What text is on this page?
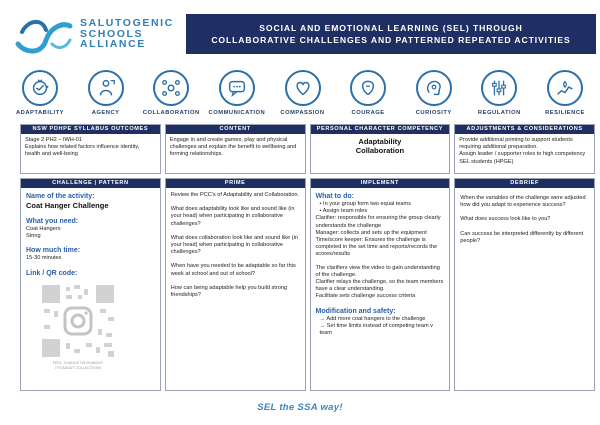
SALUTOGENIC
SCHOOLS
ALLIANCE
SOCIAL AND EMOTIONAL LEARNING (SEL) THROUGH
COLLABORATIVE CHALLENGES AND PATTERNED REPEATED ACTIVITIES
ADAPTABILITY	AGENCY	COLLABORATION COMMUNICATION	COMPASSION	COURAGE	CURIOSITY	REGULATION	RESILIENCE
NSW PDHPE SYLLABUS OUTCOMES
Stage 2 PH2 – IWH-01
Explains how related factors influence identity, health and well-being
CONTENT
Engage in and create games, play and physical challenges and explain the benefit to wellbeing and forming relationships.
PERSONAL CHARACTER COMPETENCY
Adaptability
Collaboration
ADJUSTMENTS & CONSIDERATIONS
Provide additional priming to support students requiring additional preparation.
Assign leader / supporter roles to high competency SEL students (HPGE)
CHALLENGE | PATTERN
Name of the activity:
Coat Hanger Challenge
What you need:
Coat Hangers
String
How much time:
15-30 minutes
Link / QR code:
FEEL, CHANGE ON IN ABOUT
IT'S ABOUT COLLECTIONS
PRIME
Review the PCC's of Adaptability and Collaboration.
What does adaptability look like and sound like (in your head) when participating in collaborative challenges?
What does collaboration look like and sound like (in your head) when participating in collaborative challenges?
When have you needed to be adaptable so far this week at school and out of school?
How can being adaptable help you build strong friendships?
IMPLEMENT
What to do:
• In your group form two equal teams
• Assign team roles
Clarifier: responsible for ensuring the group clearly understands the challenge
Manager: collects and sets up the equipment
Time/score keeper: Ensures the challenge is completed in the set time and reports/records the scores/results
The clarifiers view the video to gain understanding of the challenge.
Clarifier relays the challenge, so the team members have a clear understanding.
Facilitate sets challenge success criteria
Modification and safety:
→ Add more coat hangers to the challenge
→ Set time limits instead of competing team v team
DEBRIEF
When the variables of the challenge were adjusted how did you adapt to experience success?
What does success look like to you?
Can success be interpreted differently by different people?
SEL the SSA way!
